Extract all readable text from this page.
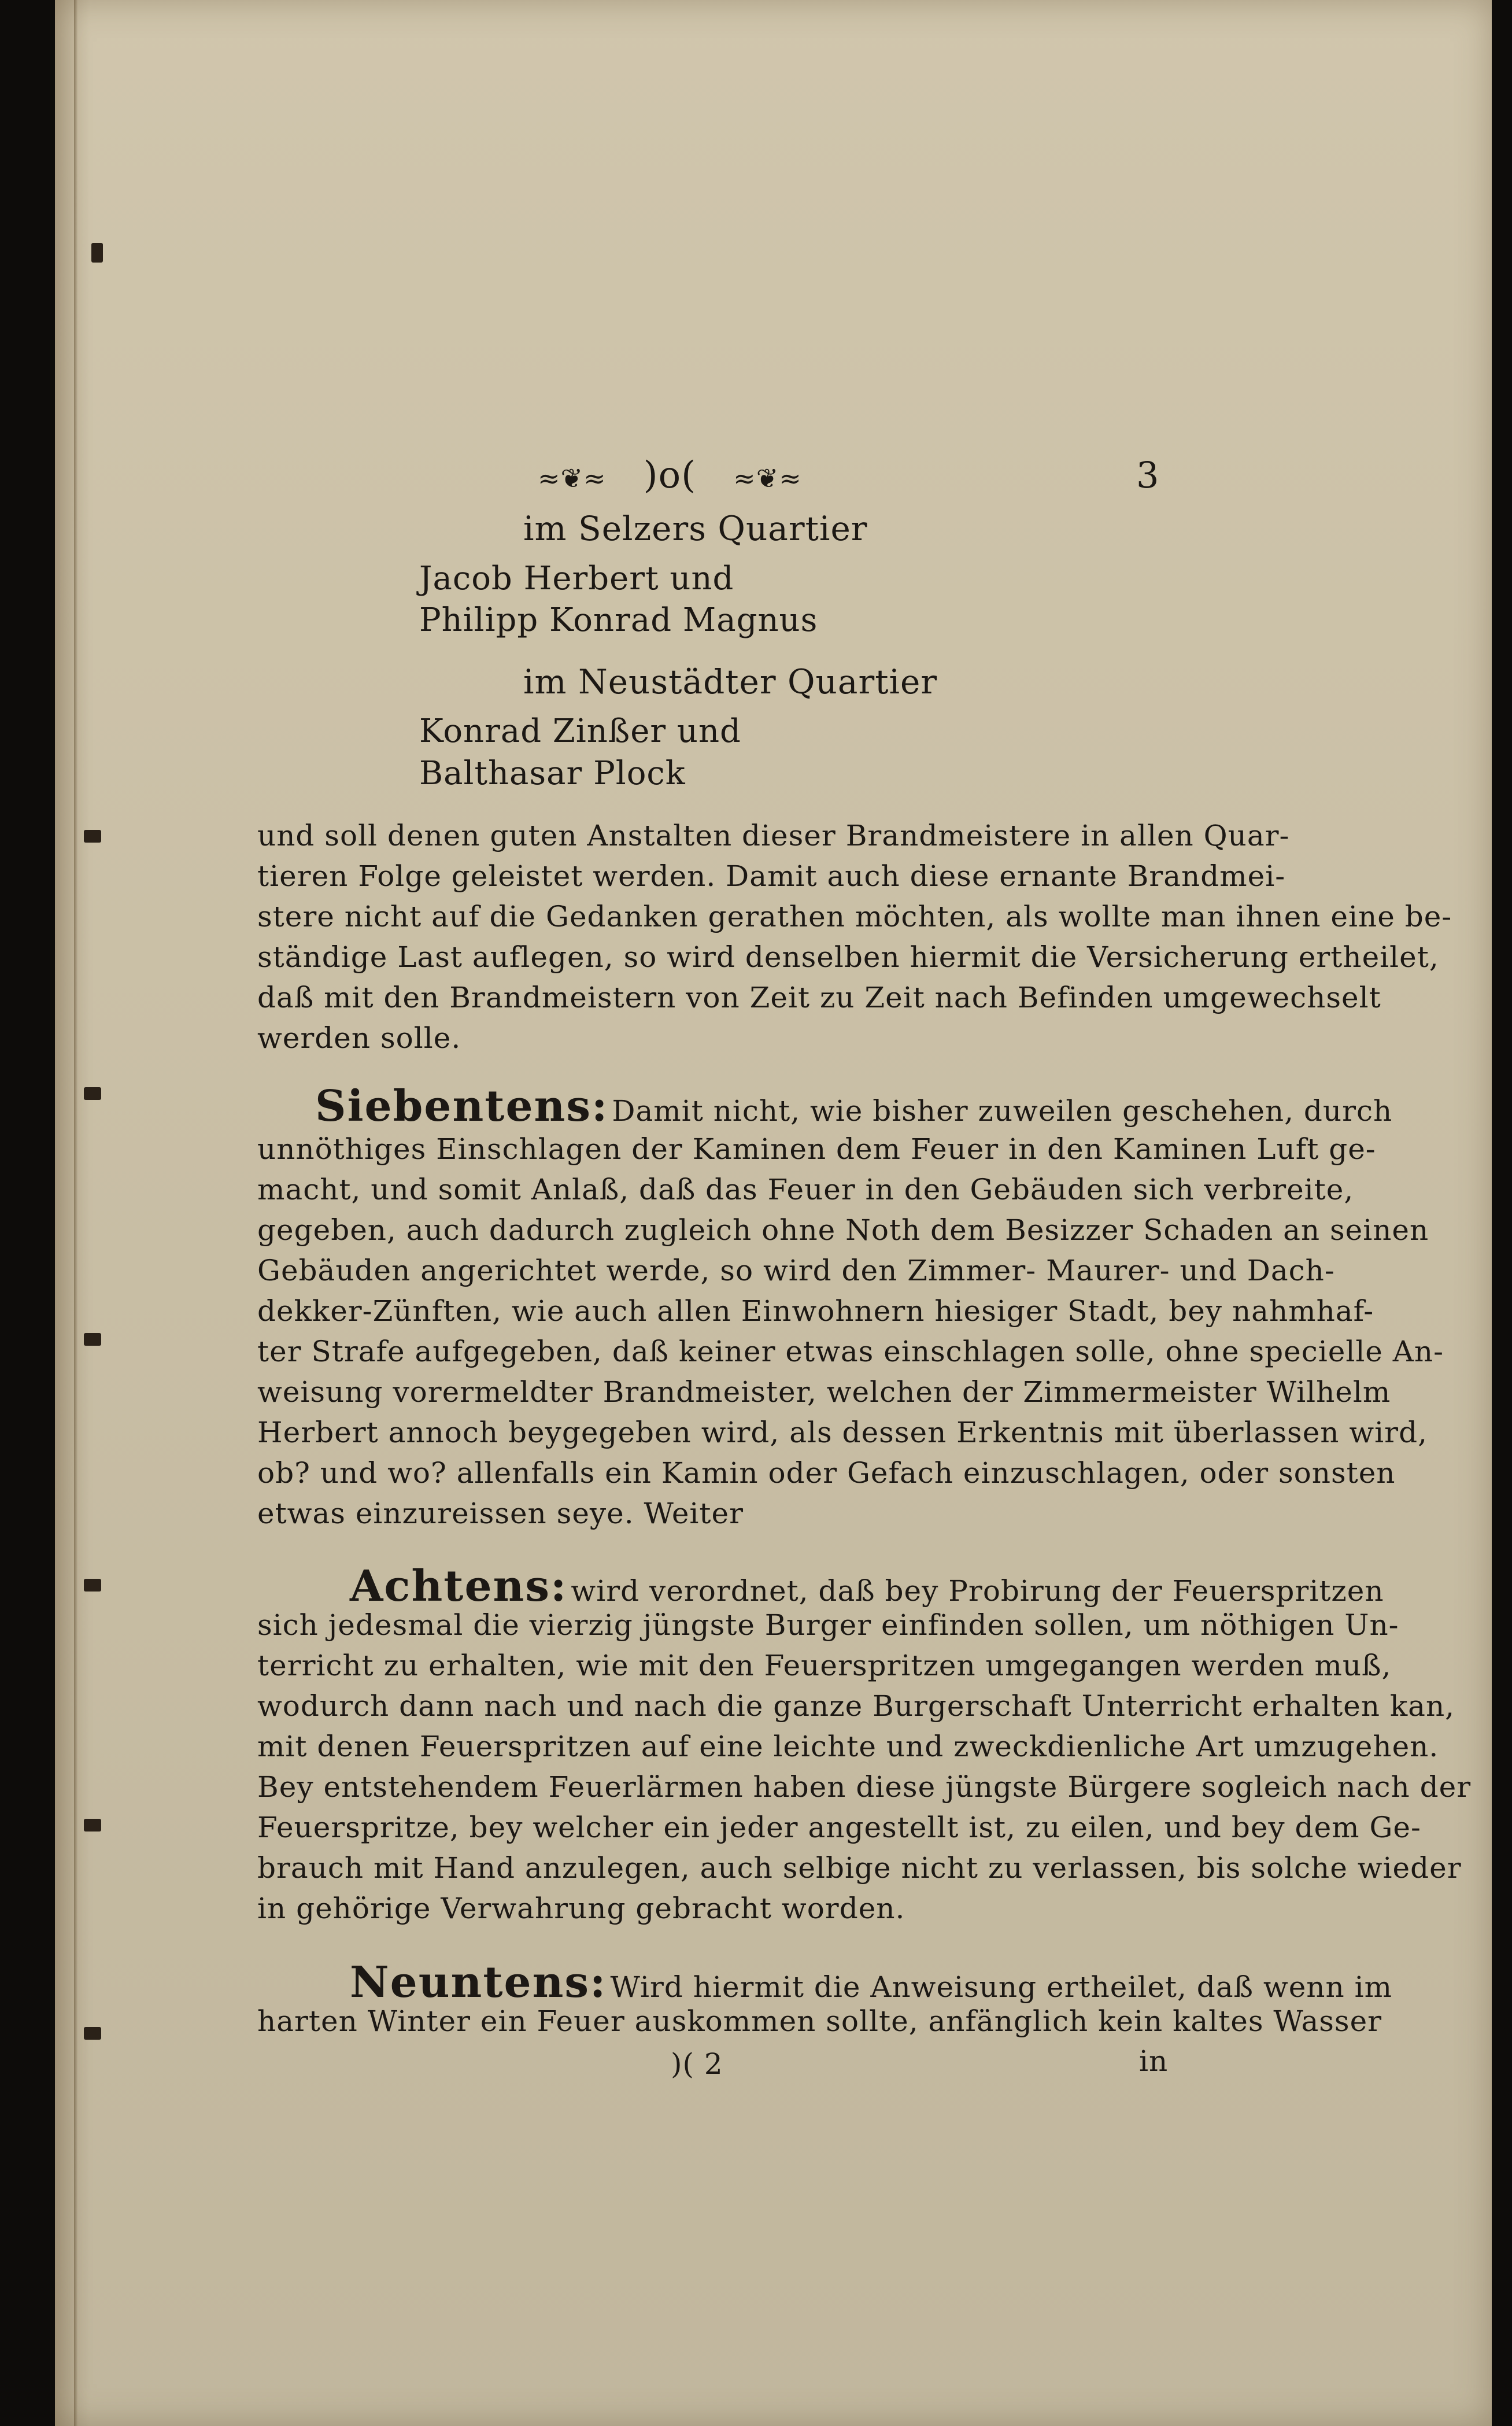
≈❦≈ )o( ≈❦≈	3
im Selzers Quartier
Jacob Herbert und
Philipp Konrad Magnus
im Neustädter Quartier
Konrad Zinßer und
Balthasar Plock
und soll denen guten Anstalten dieser Brandmeistere in allen Quar-
tieren Folge geleistet werden. Damit auch diese ernante Brandmei-
stere nicht auf die Gedanken gerathen möchten, als wollte man ihnen eine be-
ständige Last auflegen, so wird denselben hiermit die Versicherung ertheilet,
daß mit den Brandmeistern von Zeit zu Zeit nach Befinden umgewechselt
werden solle.
Siebentens: Damit nicht, wie bisher zuweilen geschehen, durch
unnöthiges Einschlagen der Kaminen dem Feuer in den Kaminen Luft ge-
macht, und somit Anlaß, daß das Feuer in den Gebäuden sich verbreite,
gegeben, auch dadurch zugleich ohne Noth dem Besizzer Schaden an seinen
Gebäuden angerichtet werde, so wird den Zimmer- Maurer- und Dach-
dekker-Zünften, wie auch allen Einwohnern hiesiger Stadt, bey nahmhaf-
ter Strafe aufgegeben, daß keiner etwas einschlagen solle, ohne specielle An-
weisung vorermeldter Brandmeister, welchen der Zimmermeister Wilhelm
Herbert annoch beygegeben wird, als dessen Erkentnis mit überlassen wird,
ob? und wo? allenfalls ein Kamin oder Gefach einzuschlagen, oder sonsten
etwas einzureissen seye. Weiter
Achtens: wird verordnet, daß bey Probirung der Feuerspritzen
sich jedesmal die vierzig jüngste Burger einfinden sollen, um nöthigen Un-
terricht zu erhalten, wie mit den Feuerspritzen umgegangen werden muß,
wodurch dann nach und nach die ganze Burgerschaft Unterricht erhalten kan,
mit denen Feuerspritzen auf eine leichte und zweckdienliche Art umzugehen.
Bey entstehendem Feuerlärmen haben diese jüngste Bürgere sogleich nach der
Feuerspritze, bey welcher ein jeder angestellt ist, zu eilen, und bey dem Ge-
brauch mit Hand anzulegen, auch selbige nicht zu verlassen, bis solche wieder
in gehörige Verwahrung gebracht worden.
Neuntens: Wird hiermit die Anweisung ertheilet, daß wenn im
harten Winter ein Feuer auskommen sollte, anfänglich kein kaltes Wasser
)( 2	in
